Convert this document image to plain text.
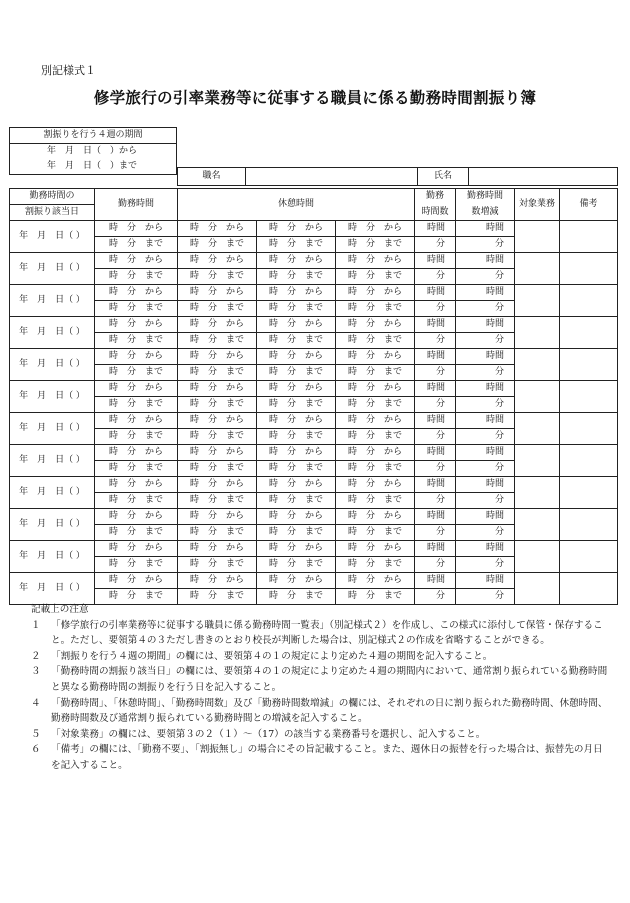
別記様式１
修学旅行の引率業務等に従事する職員に係る勤務時間割振り簿
割振りを行う４週の期間
年　月　日（　）から
年　月　日（　）まで
職名		氏名	
勤務時間の	勤務時間	休憩時間			勤務	勤務時間	対象業務	備考
割振り該当日					時間数	数増減		
年　月　日（ ）	時　分　から	時　分　から	時　分　から	時　分　から	時間	時間		
	時　分　まで	時　分　まで	時　分　まで	時　分　まで	分	分		
年　月　日（ ）	時　分　から	時　分　から	時　分　から	時　分　から	時間	時間		
	時　分　まで	時　分　まで	時　分　まで	時　分　まで	分	分		
年　月　日（ ）	時　分　から	時　分　から	時　分　から	時　分　から	時間	時間		
	時　分　まで	時　分　まで	時　分　まで	時　分　まで	分	分		
年　月　日（ ）	時　分　から	時　分　から	時　分　から	時　分　から	時間	時間		
	時　分　まで	時　分　まで	時　分　まで	時　分　まで	分	分		
年　月　日（ ）	時　分　から	時　分　から	時　分　から	時　分　から	時間	時間		
	時　分　まで	時　分　まで	時　分　まで	時　分　まで	分	分		
年　月　日（ ）	時　分　から	時　分　から	時　分　から	時　分　から	時間	時間		
	時　分　まで	時　分　まで	時　分　まで	時　分　まで	分	分		
年　月　日（ ）	時　分　から	時　分　から	時　分　から	時　分　から	時間	時間		
	時　分　まで	時　分　まで	時　分　まで	時　分　まで	分	分		
年　月　日（ ）	時　分　から	時　分　から	時　分　から	時　分　から	時間	時間		
	時　分　まで	時　分　まで	時　分　まで	時　分　まで	分	分		
年　月　日（ ）	時　分　から	時　分　から	時　分　から	時　分　から	時間	時間		
	時　分　まで	時　分　まで	時　分　まで	時　分　まで	分	分		
年　月　日（ ）	時　分　から	時　分　から	時　分　から	時　分　から	時間	時間		
	時　分　まで	時　分　まで	時　分　まで	時　分　まで	分	分		
年　月　日（ ）	時　分　から	時　分　から	時　分　から	時　分　から	時間	時間		
	時　分　まで	時　分　まで	時　分　まで	時　分　まで	分	分		
年　月　日（ ）	時　分　から	時　分　から	時　分　から	時　分　から	時間	時間		
	時　分　まで	時　分　まで	時　分　まで	時　分　まで	分	分		
記載上の注意
１ 「修学旅行の引率業務等に従事する職員に係る勤務時間一覧表」（別記様式２）を作成し、この様式に添付して保管・保存すること。ただし、要領第４の３ただし書きのとおり校長が判断した場合は、別記様式２の作成を省略することができる。
２ 「割振りを行う４週の期間」の欄には、要領第４の１の規定により定めた４週の期間を記入すること。
３ 「勤務時間の割振り該当日」の欄には、要領第４の１の規定により定めた４週の期間内において、通常割り振られている勤務時間と異なる勤務時間の割振りを行う日を記入すること。
４ 「勤務時間」、「休憩時間」、「勤務時間数」及び「勤務時間数増減」の欄には、それぞれの日に割り振られた勤務時間、休憩時間、勤務時間数及び通常割り振られている勤務時間との増減を記入すること。
５ 「対象業務」の欄には、要領第３の２（１）～（17）の該当する業務番号を選択し、記入すること。
６ 「備考」の欄には、「勤務不要」、「割振無し」の場合にその旨記載すること。また、週休日の振替を行った場合は、振替先の月日を記入すること。
